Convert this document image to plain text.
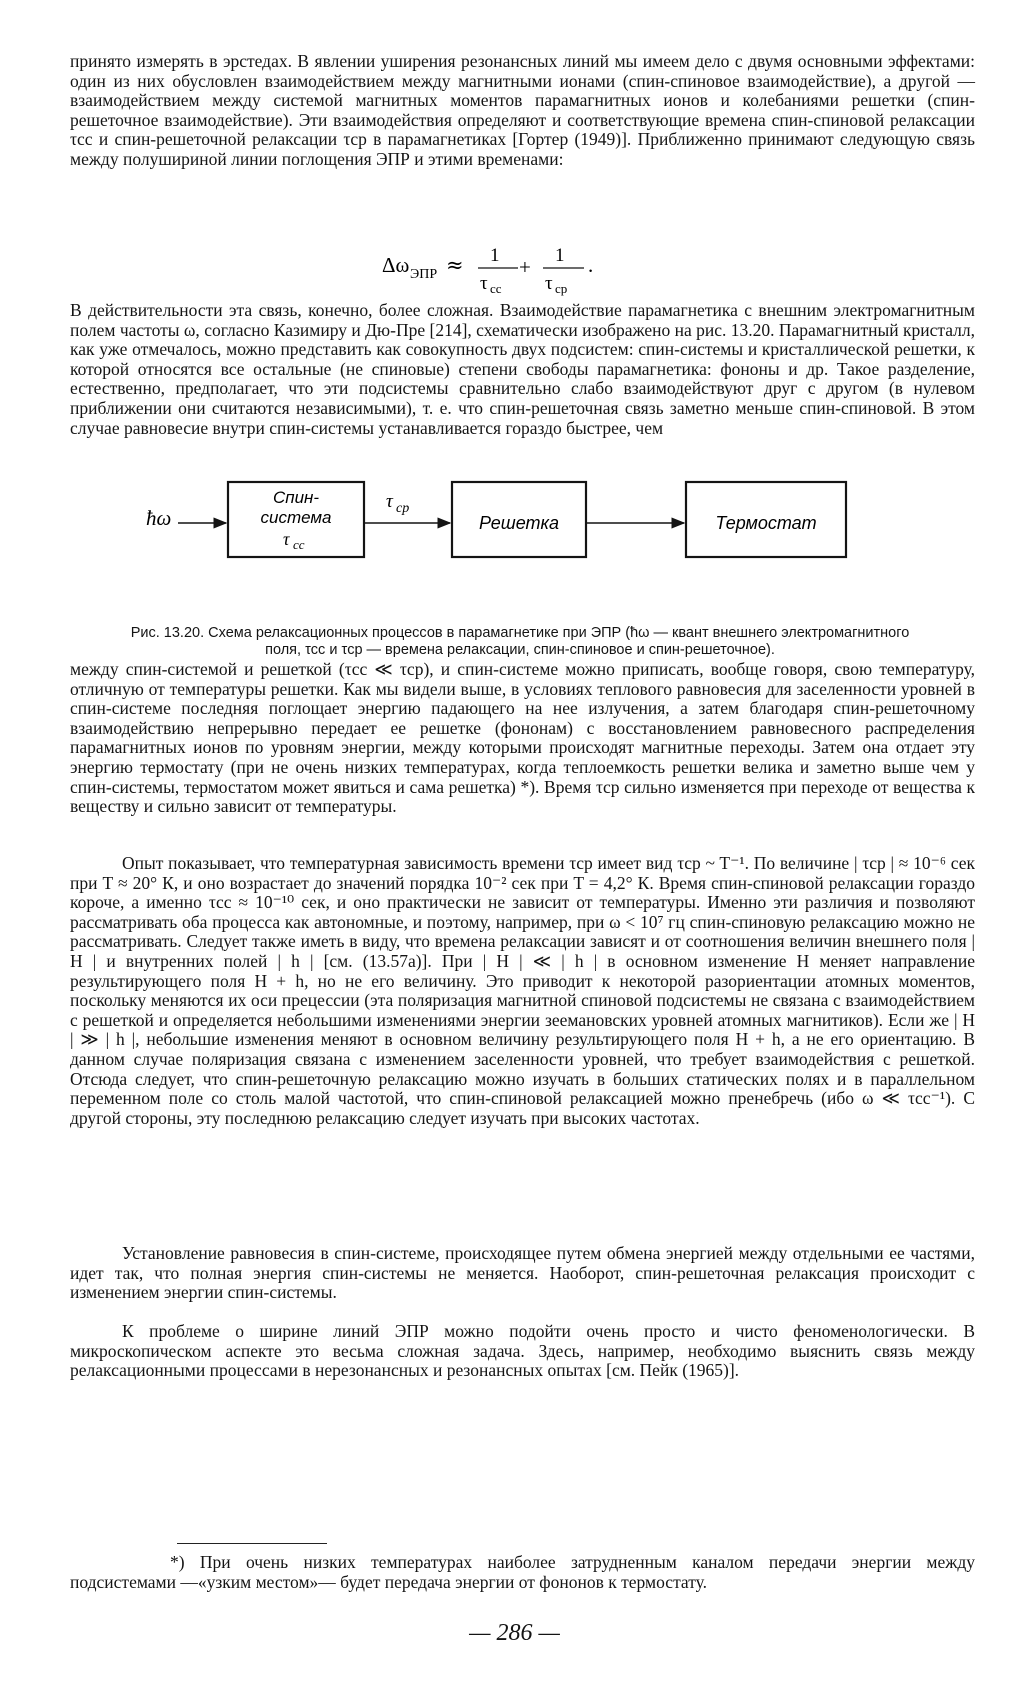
принято измерять в эрстедах. В явлении уширения резонансных линий мы имеем дело с двумя основными эффектами: один из них обусловлен взаимодействием между магнитными ионами (спин-спиновое взаимодействие), а другой — взаимодействием между системой магнитных моментов парамагнитных ионов и колебаниями решетки (спин-решеточное взаимодействие). Эти взаимодействия определяют и соответствующие времена спин-спиновой релаксации τcc и спин-решеточной релаксации τcp в парамагнетиках [Гортер (1949)]. Приближенно принимают следующую связь между полушириной линии поглощения ЭПР и этими временами:

Δω ЭПР ≈ 1
τ cc
+ 1
τ cp
.

В действительности эта связь, конечно, более сложная. Взаимодействие парамагнетика с внешним электромагнитным полем частоты ω, согласно Казимиру и Дю-Пре [214], схематически изображено на рис. 13.20. Парамагнитный кристалл, как уже отмечалось, можно представить как совокупность двух подсистем: спин-системы и кристаллической решетки, к которой относятся все остальные (не спиновые) степени свободы парамагнетика: фононы и др. Такое разделение, естественно, предполагает, что эти подсистемы сравнительно слабо взаимодействуют друг с другом (в нулевом приближении они считаются независимыми), т. е. что спин-решеточная связь заметно меньше спин-спиновой. В этом случае равновесие внутри спин-системы устанавливается гораздо быстрее, чем

ħω
Спин-
система
τ cc
τ cp
Решетка	Термостат
Рис. 13.20. Схема релаксационных процессов в парамагнетике при ЭПР (ħω — квант внешнего электромагнитного поля, τcc и τcp — времена релаксации, спин-спиновое и спин-решеточное).

между спин-системой и решеткой (τcc ≪ τcp), и спин-системе можно приписать, вообще говоря, свою температуру, отличную от температуры решетки. Как мы видели выше, в условиях теплового равновесия для заселенности уровней в спин-системе последняя поглощает энергию падающего на нее излучения, а затем благодаря спин-решеточному взаимодействию непрерывно передает ее решетке (фононам) с восстановлением равновесного распределения парамагнитных ионов по уровням энергии, между которыми происходят магнитные переходы. Затем она отдает эту энергию термостату (при не очень низких температурах, когда теплоемкость решетки велика и заметно выше чем у спин-системы, термостатом может явиться и сама решетка) *). Время τcp сильно изменяется при переходе от вещества к веществу и сильно зависит от температуры.

Опыт показывает, что температурная зависимость времени τcp имеет вид τcp ~ T⁻¹. По величине | τcp | ≈ 10⁻⁶ сек при T ≈ 20° К, и оно возрастает до значений порядка 10⁻² сек при T = 4,2° К. Время спин-спиновой релаксации гораздо короче, а именно τcc ≈ 10⁻¹⁰ сек, и оно практически не зависит от температуры. Именно эти различия и позволяют рассматривать оба процесса как автономные, и поэтому, например, при ω < 10⁷ гц спин-спиновую релаксацию можно не рассматривать. Следует также иметь в виду, что времена релаксации зависят и от соотношения величин внешнего поля | H | и внутренних полей | h | [см. (13.57а)]. При | H | ≪ | h | в основном изменение H меняет направление результирующего поля H + h, но не его величину. Это приводит к некоторой разориентации атомных моментов, поскольку меняются их оси прецессии (эта поляризация магнитной спиновой подсистемы не связана с взаимодействием с решеткой и определяется небольшими изменениями энергии зеемановских уровней атомных магнитиков). Если же | H | ≫ | h |, небольшие изменения меняют в основном величину результирующего поля H + h, а не его ориентацию. В данном случае поляризация связана с изменением заселенности уровней, что требует взаимодействия с решеткой. Отсюда следует, что спин-решеточную релаксацию можно изучать в больших статических полях и в параллельном переменном поле со столь малой частотой, что спин-спиновой релаксацией можно пренебречь (ибо ω ≪ τcc⁻¹). С другой стороны, эту последнюю релаксацию следует изучать при высоких частотах.

Установление равновесия в спин-системе, происходящее путем обмена энергией между отдельными ее частями, идет так, что полная энергия спин-системы не меняется. Наоборот, спин-решеточная релаксация происходит с изменением энергии спин-системы.

К проблеме о ширине линий ЭПР можно подойти очень просто и чисто феноменологически. В микроскопическом аспекте это весьма сложная задача. Здесь, например, необходимо выяснить связь между релаксационными процессами в нерезонансных и резонансных опытах [см. Пейк (1965)].

*) При очень низких температурах наиболее затрудненным каналом передачи энергии между подсистемами —«узким местом»— будет передача энергии от фононов к термостату.

— 286 —
